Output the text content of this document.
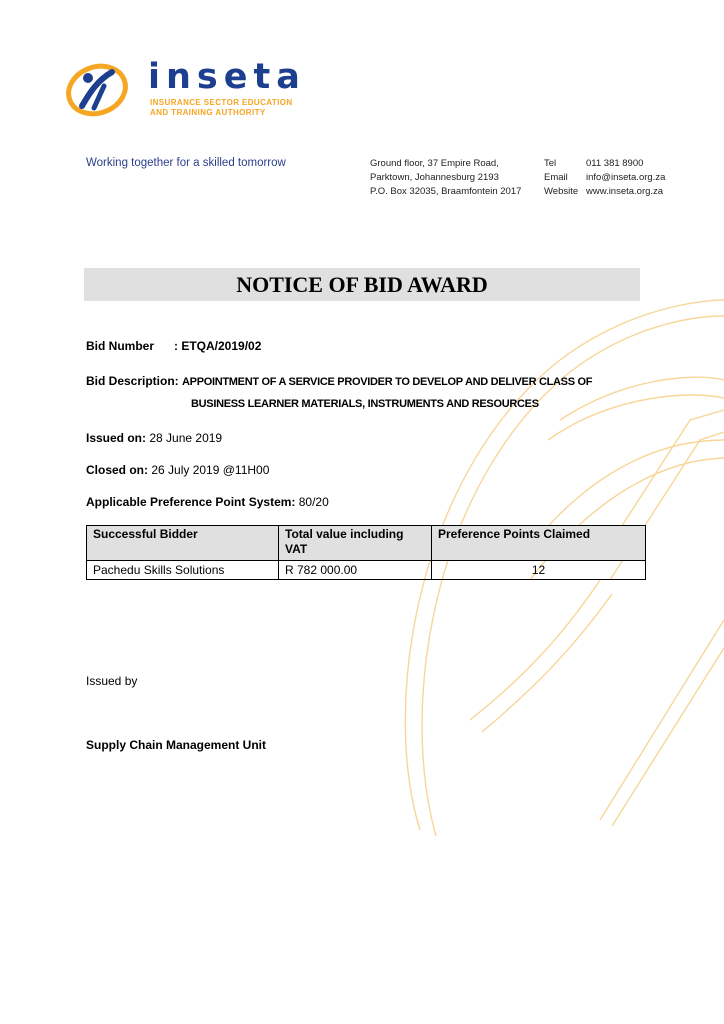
inseta
INSURANCE SECTOR EDUCATION
AND TRAINING AUTHORITY
Working together for a skilled tomorrow	Ground floor, 37 Empire Road,
Parktown, Johannesburg 2193
P.O. Box 32035, Braamfontein 2017
Tel	011 381 8900
Email	info@inseta.org.za
Website www.inseta.org.za
NOTICE OF BID AWARD
Bid Number : ETQA/2019/02
Bid Description: APPOINTMENT OF A SERVICE PROVIDER TO DEVELOP AND DELIVER CLASS OF
BUSINESS LEARNER MATERIALS, INSTRUMENTS AND RESOURCES
Issued on: 28 June 2019
Closed on: 26 July 2019 @11H00
Applicable Preference Point System: 80/20
Successful Bidder	Total value including VAT	Preference Points Claimed
Pachedu Skills Solutions	R 782 000.00	12
Issued by
Supply Chain Management Unit
